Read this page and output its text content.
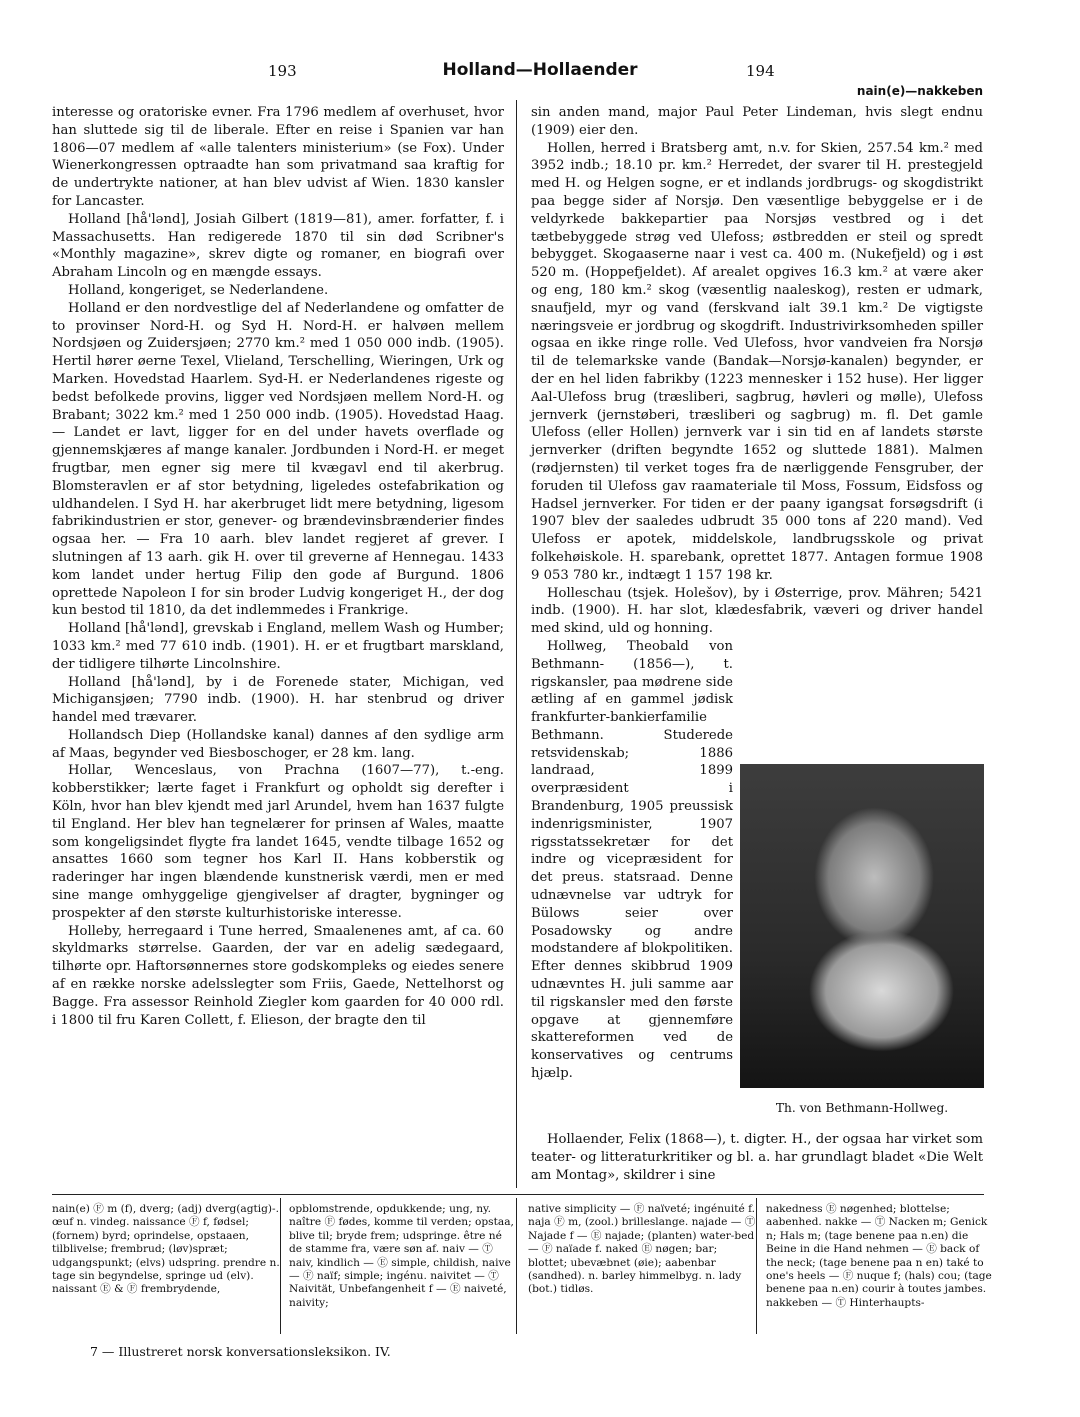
193	Holland—Hollaender	194
nain(e)—nakkeben

interesse og oratoriske evner. Fra 1796 medlem af overhuset, hvor han sluttede sig til de liberale. Efter en reise i Spanien var han 1806—07 medlem af «alle talenters ministerium» (se Fox). Under Wienerkongressen optraadte han som privatmand saa kraftig for de undertrykte nationer, at han blev udvist af Wien. 1830 kansler for Lancaster.

Holland [hå'lənd], Josiah Gilbert (1819—81), amer. forfatter, f. i Massachusetts. Han redigerede 1870 til sin død Scribner's «Monthly magazine», skrev digte og romaner, en biografi over Abraham Lincoln og en mængde essays.

Holland, kongeriget, se Nederlandene.

Holland er den nordvestlige del af Nederlandene og omfatter de to provinser Nord-H. og Syd H. Nord-H. er halvøen mellem Nordsjøen og Zuidersjøen; 2770 km.² med 1 050 000 indb. (1905). Hertil hører øerne Texel, Vlieland, Terschelling, Wieringen, Urk og Marken. Hovedstad Haarlem. Syd-H. er Nederlandenes rigeste og bedst befolkede provins, ligger ved Nordsjøen mellem Nord-H. og Brabant; 3022 km.² med 1 250 000 indb. (1905). Hovedstad Haag. — Landet er lavt, ligger for en del under havets overflade og gjennemskjæres af mange kanaler. Jordbunden i Nord-H. er meget frugtbar, men egner sig mere til kvægavl end til akerbrug. Blomsteravlen er af stor betydning, ligeledes ostefabrikation og uldhandelen. I Syd H. har akerbruget lidt mere betydning, ligesom fabrikindustrien er stor, genever- og brændevinsbrænderier findes ogsaa her. — Fra 10 aarh. blev landet regjeret af grever. I slutningen af 13 aarh. gik H. over til greverne af Hennegau. 1433 kom landet under hertug Filip den gode af Burgund. 1806 oprettede Napoleon I for sin broder Ludvig kongeriget H., der dog kun bestod til 1810, da det indlemmedes i Frankrige.

Holland [hå'lənd], grevskab i England, mellem Wash og Humber; 1033 km.² med 77 610 indb. (1901). H. er et frugtbart marskland, der tidligere tilhørte Lincolnshire.

Holland [hå'lənd], by i de Forenede stater, Michigan, ved Michigansjøen; 7790 indb. (1900). H. har stenbrud og driver handel med trævarer.

Hollandsch Diep (Hollandske kanal) dannes af den sydlige arm af Maas, begynder ved Biesboschoger, er 28 km. lang.

Hollar, Wenceslaus, von Prachna (1607—77), t.-eng. kobberstikker; lærte faget i Frankfurt og opholdt sig derefter i Köln, hvor han blev kjendt med jarl Arundel, hvem han 1637 fulgte til England. Her blev han tegnelærer for prinsen af Wales, maatte som kongeligsindet flygte fra landet 1645, vendte tilbage 1652 og ansattes 1660 som tegner hos Karl II. Hans kobberstik og raderinger har ingen blændende kunstnerisk værdi, men er med sine mange omhyggelige gjengivelser af dragter, bygninger og prospekter af den største kulturhistoriske interesse.

Holleby, herregaard i Tune herred, Smaalenenes amt, af ca. 60 skyldmarks størrelse. Gaarden, der var en adelig sædegaard, tilhørte opr. Haftorsønnernes store godskompleks og eiedes senere af en række norske adelsslegter som Friis, Gaede, Nettelhorst og Bagge. Fra assessor Reinhold Ziegler kom gaarden for 40 000 rdl. i 1800 til fru Karen Collett, f. Elieson, der bragte den til

sin anden mand, major Paul Peter Lindeman, hvis slegt endnu (1909) eier den.

Hollen, herred i Bratsberg amt, n.v. for Skien, 257.54 km.² med 3952 indb.; 18.10 pr. km.² Herredet, der svarer til H. prestegjeld med H. og Helgen sogne, er et indlands jordbrugs- og skogdistrikt paa begge sider af Norsjø. Den væsentlige bebyggelse er i de veldyrkede bakkepartier paa Norsjøs vestbred og i det tætbebyggede strøg ved Ulefoss; østbredden er steil og spredt bebygget. Skogaaserne naar i vest ca. 400 m. (Nukefjeld) og i øst 520 m. (Hoppefjeldet). Af arealet opgives 16.3 km.² at være aker og eng, 180 km.² skog (væsentlig naaleskog), resten er udmark, snaufjeld, myr og vand (ferskvand ialt 39.1 km.² De vigtigste næringsveie er jordbrug og skogdrift. Industrivirksomheden spiller ogsaa en ikke ringe rolle. Ved Ulefoss, hvor vandveien fra Norsjø til de telemarkske vande (Bandak—Norsjø-kanalen) begynder, er der en hel liden fabrikby (1223 mennesker i 152 huse). Her ligger Aal-Ulefoss brug (træsliberi, sagbrug, høvleri og mølle), Ulefoss jernverk (jernstøberi, træsliberi og sagbrug) m. fl. Det gamle Ulefoss (eller Hollen) jernverk var i sin tid en af landets største jernverker (driften begyndte 1652 og sluttede 1881). Malmen (rødjernsten) til verket toges fra de nærliggende Fensgruber, der foruden til Ulefoss gav raamateriale til Moss, Fossum, Eidsfoss og Hadsel jernverker. For tiden er der paany igangsat forsøgsdrift (i 1907 blev der saaledes udbrudt 35 000 tons af 220 mand). Ved Ulefoss er apotek, middelskole, landbrugsskole og privat folkehøiskole. H. sparebank, oprettet 1877. Antagen formue 1908 9 053 780 kr., indtægt 1 157 198 kr.

Holleschau (tsjek. Holešov), by i Østerrige, prov. Mähren; 5421 indb. (1900). H. har slot, klædesfabrik, væveri og driver handel med skind, uld og honning.

Hollweg, Theobald von Bethmann- (1856—), t. rigskansler, paa mødrene side ætling af en gammel jødisk frankfurter-bankierfamilie Bethmann. Studerede retsvidenskab; 1886 landraad, 1899 overpræsident i Brandenburg, 1905 preussisk indenrigsminister, 1907 rigsstatssekretær for det indre og vicepræsident for det preus. statsraad. Denne udnævnelse var udtryk for Bülows seier over Posadowsky og andre modstandere af blokpolitiken. Efter dennes skibbrud 1909 udnævntes H. juli samme aar til rigskansler med den første opgave at gjennemføre skattereformen ved de konservatives og centrums hjælp.

Th. von Bethmann-Hollweg.

Hollaender, Felix (1868—), t. digter. H., der ogsaa har virket som teater- og litteraturkritiker og bl. a. har grundlagt bladet «Die Welt am Montag», skildrer i sine

nain(e) Ⓕ m (f), dverg; (adj) dverg(agtig)-. œuf n. vindeg. naissance Ⓕ f, fødsel; (fornem) byrd; oprindelse, opstaaen, tilblivelse; frembrud; (løv)spræt; udgangspunkt; (elvs) udspring. prendre n. tage sin begyndelse, springe ud (elv). naissant Ⓔ & Ⓕ frembrydende,

opblomstrende, opdukkende; ung, ny. naître Ⓕ fødes, komme til verden; opstaa, blive til; bryde frem; udspringe. être né de stamme fra, være søn af. naiv — Ⓣ naiv, kindlich — Ⓔ simple, childish, naive — Ⓕ naïf; simple; ingénu. naivitet — Ⓣ Naivität, Unbefangenheit f — Ⓔ naiveté, naivity;

native simplicity — Ⓕ naïveté; ingénuité f. naja Ⓕ m, (zool.) brilleslange. najade — Ⓣ Najade f — Ⓔ najade; (planten) water-bed — Ⓕ naïade f. naked Ⓔ nøgen; bar; blottet; ubevæbnet (øie); aabenbar (sandhed). n. barley himmelbyg. n. lady (bot.) tidløs.

nakedness Ⓔ nøgenhed; blottelse; aabenhed. nakke — Ⓣ Nacken m; Genick n; Hals m; (tage benene paa n.en) die Beine in die Hand nehmen — Ⓔ back of the neck; (tage benene paa n en) také to one's heels — Ⓕ nuque f; (hals) cou; (tage benene paa n.en) courir à toutes jambes. nakkeben — Ⓣ Hinterhaupts-

7 — Illustreret norsk konversationsleksikon. IV.
